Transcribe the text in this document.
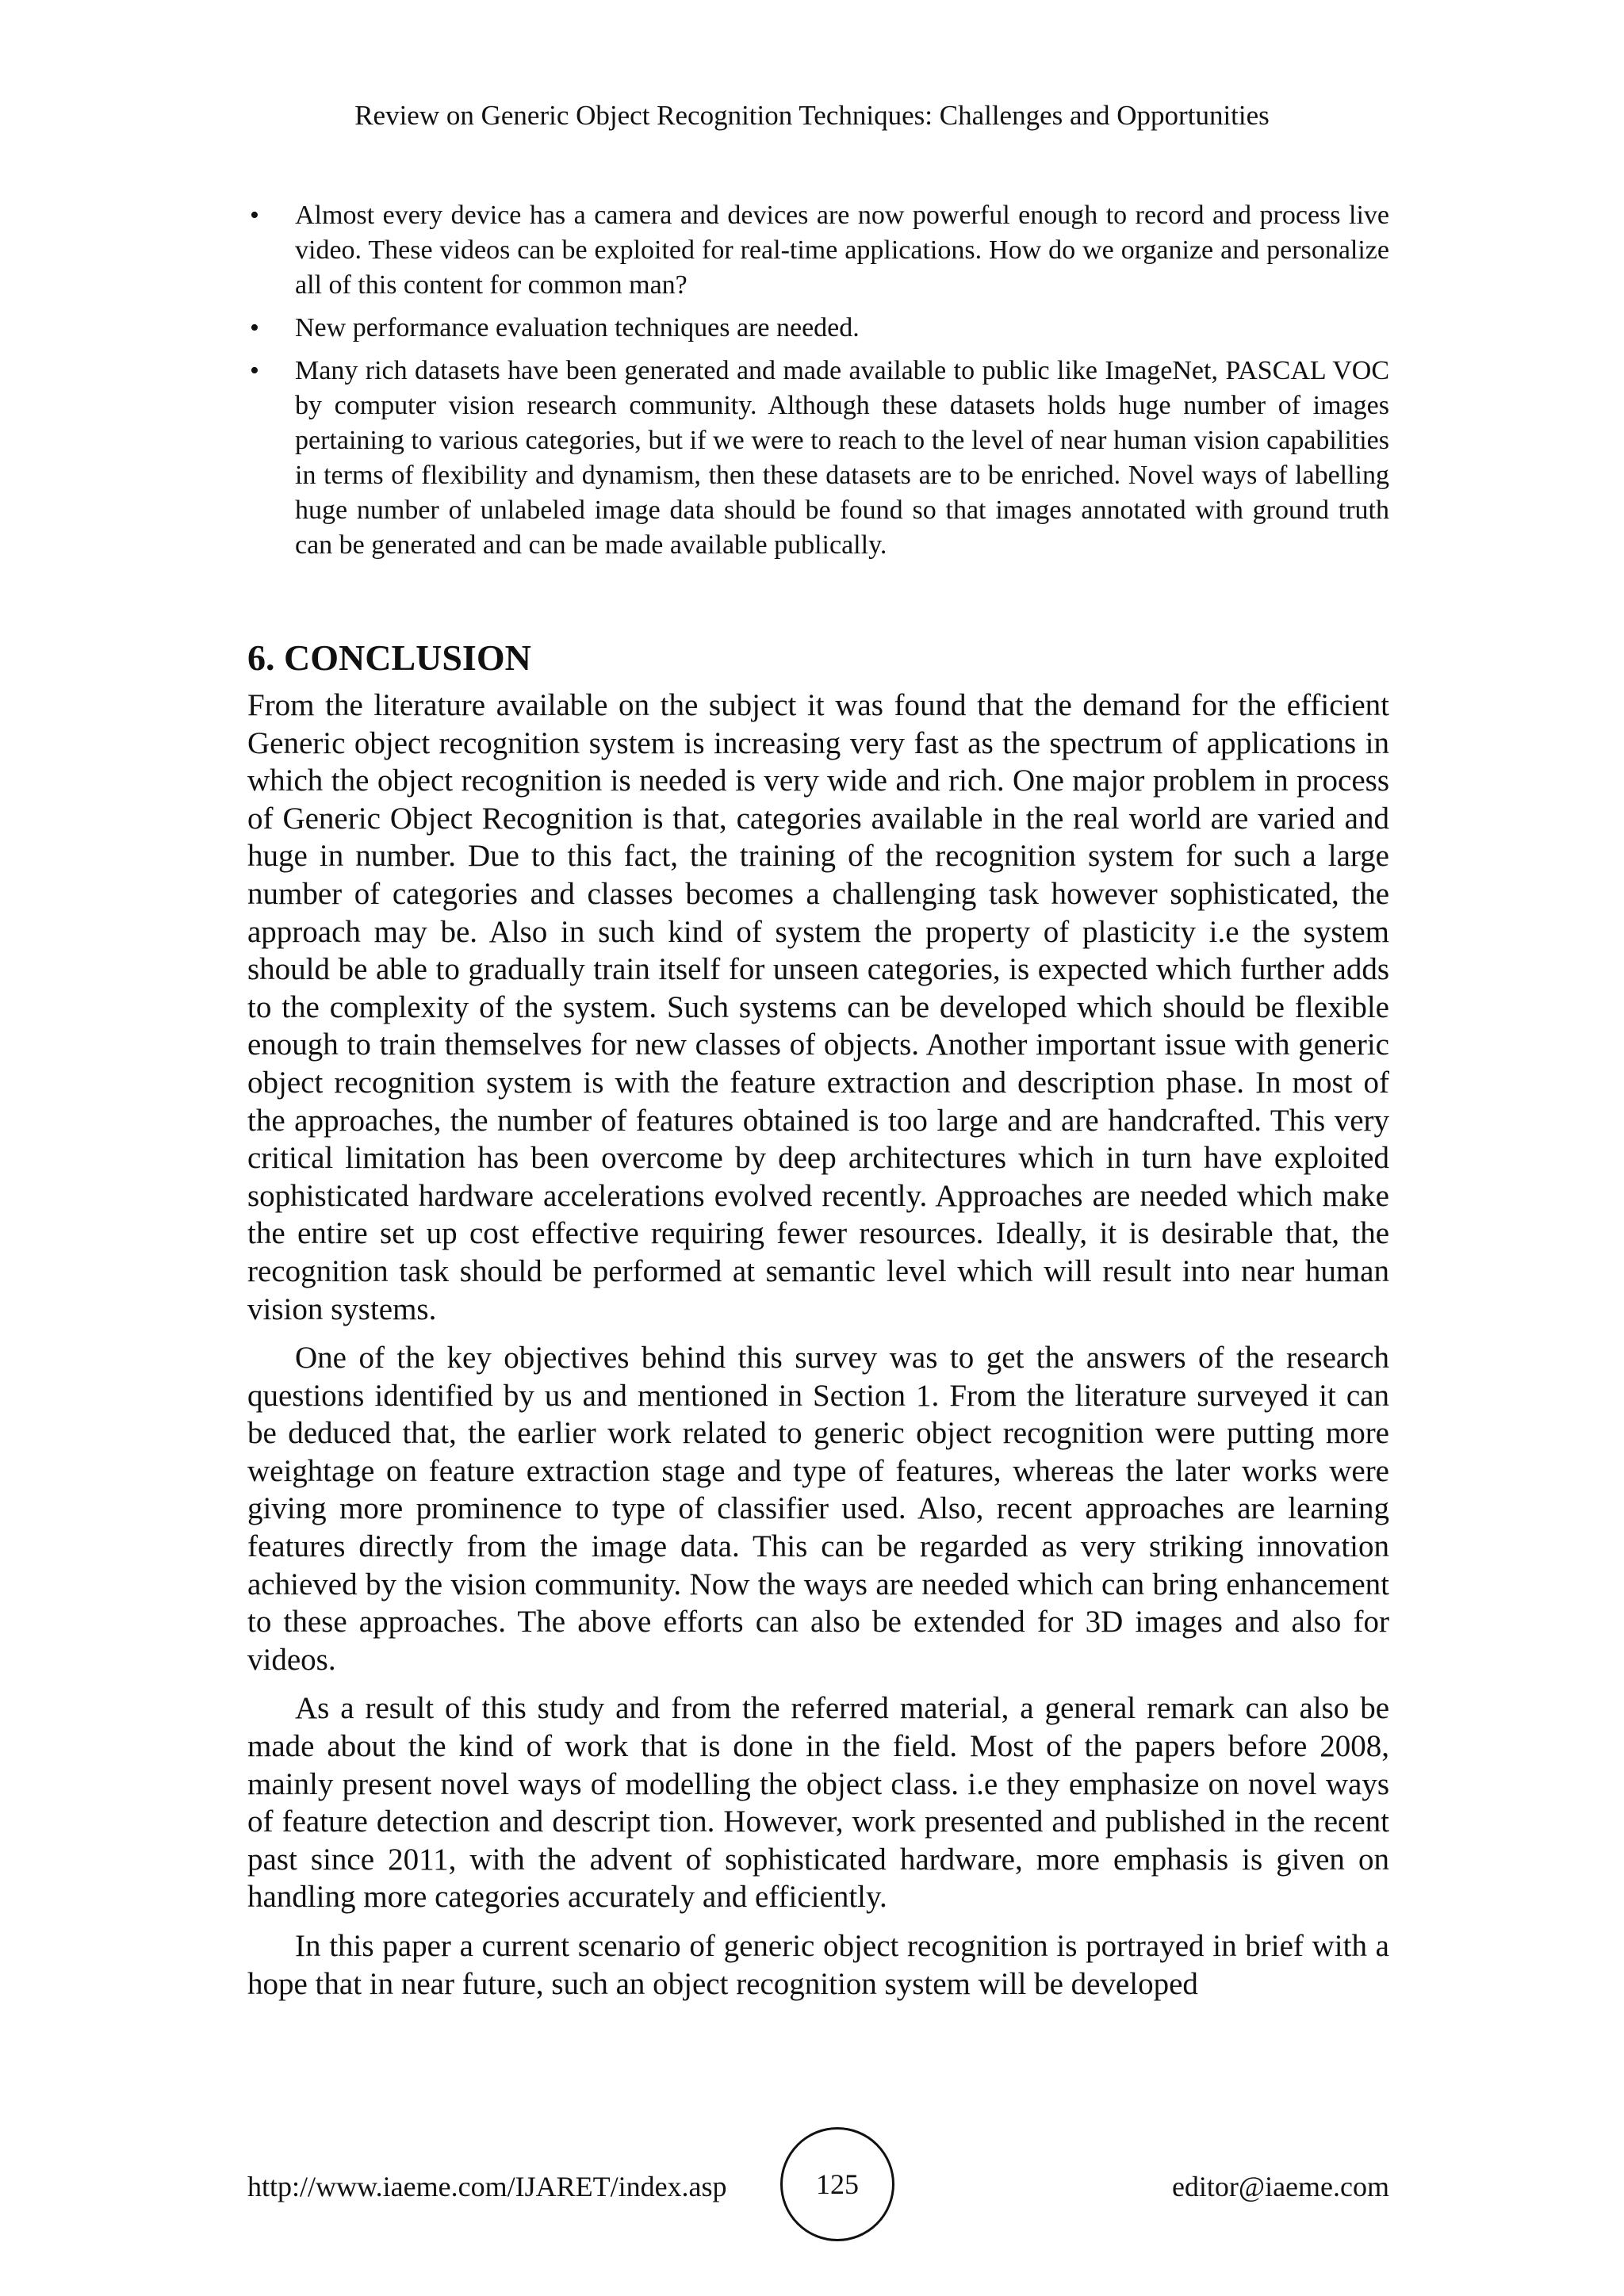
Review on Generic Object Recognition Techniques: Challenges and Opportunities
• Almost every device has a camera and devices are now powerful enough to record and process live video. These videos can be exploited for real-time applications. How do we organize and personalize all of this content for common man?
• New performance evaluation techniques are needed.
• Many rich datasets have been generated and made available to public like ImageNet, PASCAL VOC by computer vision research community. Although these datasets holds huge number of images pertaining to various categories, but if we were to reach to the level of near human vision capabilities in terms of flexibility and dynamism, then these datasets are to be enriched. Novel ways of labelling huge number of unlabeled image data should be found so that images annotated with ground truth can be generated and can be made available publically.
6. CONCLUSION

From the literature available on the subject it was found that the demand for the efficient Generic object recognition system is increasing very fast as the spectrum of applications in which the object recognition is needed is very wide and rich. One major problem in process of Generic Object Recognition is that, categories available in the real world are varied and huge in number. Due to this fact, the training of the recognition system for such a large number of categories and classes becomes a challenging task however sophisticated, the approach may be. Also in such kind of system the property of plasticity i.e the system should be able to gradually train itself for unseen categories, is expected which further adds to the complexity of the system. Such systems can be developed which should be flexible enough to train themselves for new classes of objects. Another important issue with generic object recognition system is with the feature extraction and description phase. In most of the approaches, the number of features obtained is too large and are handcrafted. This very critical limitation has been overcome by deep architectures which in turn have exploited sophisticated hardware accelerations evolved recently. Approaches are needed which make the entire set up cost effective requiring fewer resources. Ideally, it is desirable that, the recognition task should be performed at semantic level which will result into near human vision systems.

One of the key objectives behind this survey was to get the answers of the research questions identified by us and mentioned in Section 1. From the literature surveyed it can be deduced that, the earlier work related to generic object recognition were putting more weightage on feature extraction stage and type of features, whereas the later works were giving more prominence to type of classifier used. Also, recent approaches are learning features directly from the image data. This can be regarded as very striking innovation achieved by the vision community. Now the ways are needed which can bring enhancement to these approaches. The above efforts can also be extended for 3D images and also for videos.

As a result of this study and from the referred material, a general remark can also be made about the kind of work that is done in the field. Most of the papers before 2008, mainly present novel ways of modelling the object class. i.e they emphasize on novel ways of feature detection and descript tion. However, work presented and published in the recent past since 2011, with the advent of sophisticated hardware, more emphasis is given on handling more categories accurately and efficiently.

In this paper a current scenario of generic object recognition is portrayed in brief with a hope that in near future, such an object recognition system will be developed

http://www.iaeme.com/IJARET/index.asp	125	editor@iaeme.com
